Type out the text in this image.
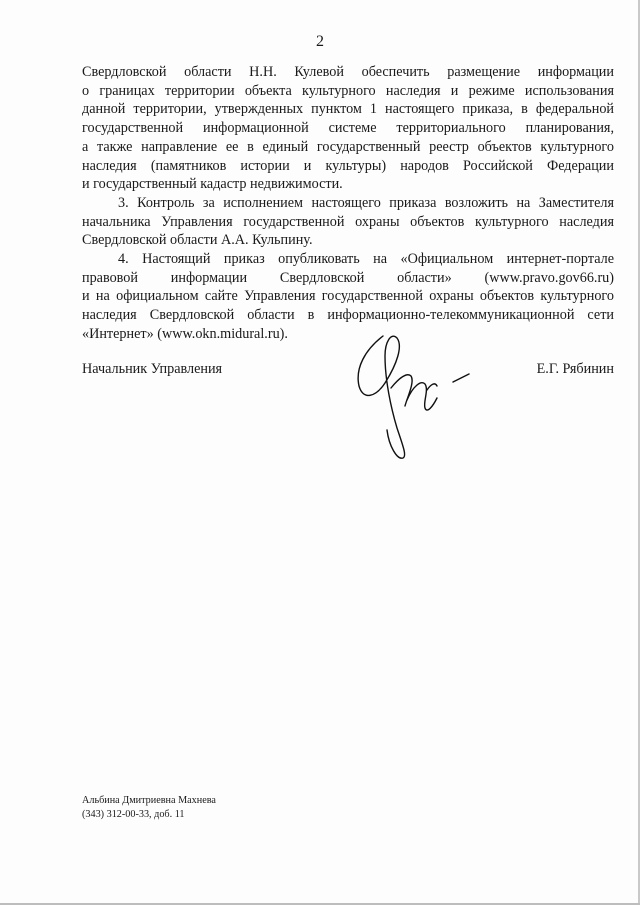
2

Свердловской области Н.Н. Кулевой обеспечить размещение информации
о границах территории объекта культурного наследия и режиме использования
данной территории, утвержденных пунктом 1 настоящего приказа, в федеральной
государственной информационной системе территориального планирования,
а также направление ее в единый государственный реестр объектов культурного
наследия (памятников истории и культуры) народов Российской Федерации
и государственный кадастр недвижимости.

3. Контроль за исполнением настоящего приказа возложить на Заместителя
начальника Управления государственной охраны объектов культурного наследия
Свердловской области А.А. Кульпину.

4. Настоящий приказ опубликовать на «Официальном интернет-портале
правовой информации Свердловской области» (www.pravo.gov66.ru)
и на официальном сайте Управления государственной охраны объектов культурного
наследия Свердловской области в информационно-телекоммуникационной сети
«Интернет» (www.okn.midural.ru).

Начальник Управления	Е.Г. Рябинин
Альбина Дмитриевна Махнева
(343) 312-00-33, доб. 11
